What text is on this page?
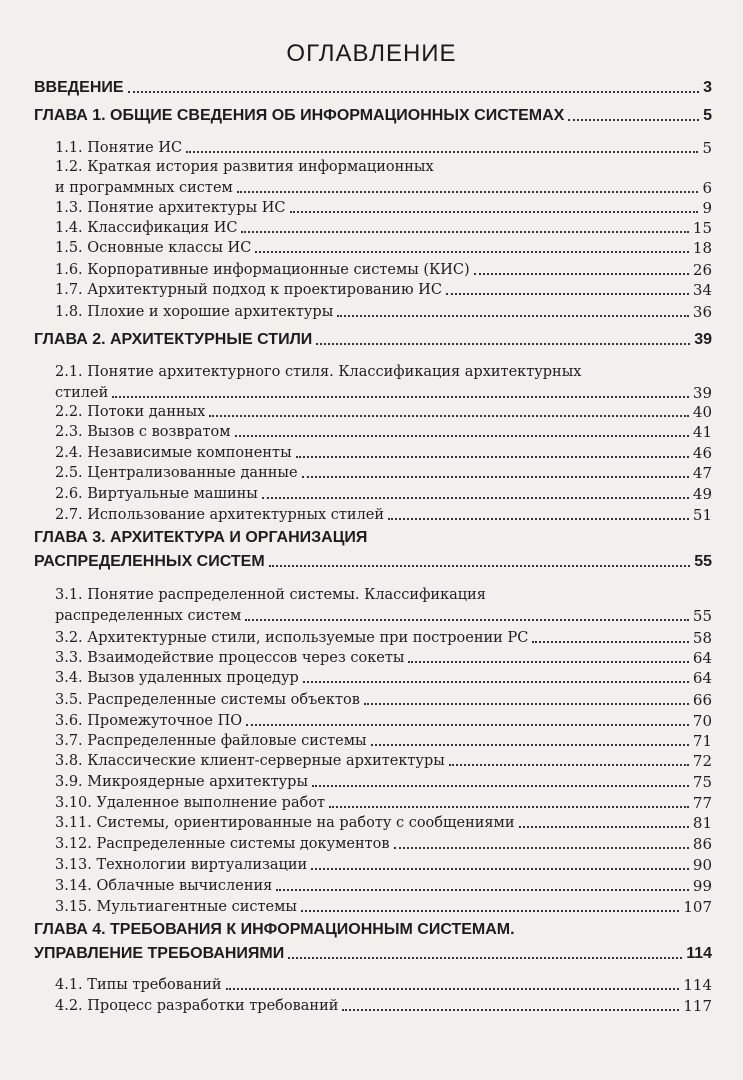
ОГЛАВЛЕНИЕ
ВВЕДЕНИЕ	3
ГЛАВА 1. ОБЩИЕ СВЕДЕНИЯ ОБ ИНФОРМАЦИОННЫХ СИСТЕМАХ	5
1.1. Понятие ИС	5
1.2. Краткая история развития информационных
и программных систем	6
1.3. Понятие архитектуры ИС	9
1.4. Классификация ИС	15
1.5. Основные классы ИС	18
1.6. Корпоративные информационные системы (КИС)	26
1.7. Архитектурный подход к проектированию ИС	34
1.8. Плохие и хорошие архитектуры	36
ГЛАВА 2. АРХИТЕКТУРНЫЕ СТИЛИ	39
2.1. Понятие архитектурного стиля. Классификация архитектурных
стилей	39
2.2. Потоки данных	40
2.3. Вызов с возвратом	41
2.4. Независимые компоненты	46
2.5. Централизованные данные	47
2.6. Виртуальные машины	49
2.7. Использование архитектурных стилей	51
ГЛАВА 3. АРХИТЕКТУРА И ОРГАНИЗАЦИЯ
РАСПРЕДЕЛЕННЫХ СИСТЕМ	55
3.1. Понятие распределенной системы. Классификация
распределенных систем	55
3.2. Архитектурные стили, используемые при построении РС	58
3.3. Взаимодействие процессов через сокеты	64
3.4. Вызов удаленных процедур	64
3.5. Распределенные системы объектов	66
3.6. Промежуточное ПО	70
3.7. Распределенные файловые системы	71
3.8. Классические клиент-серверные архитектуры	72
3.9. Микроядерные архитектуры	75
3.10. Удаленное выполнение работ	77
3.11. Системы, ориентированные на работу с сообщениями	81
3.12. Распределенные системы документов	86
3.13. Технологии виртуализации	90
3.14. Облачные вычисления	99
3.15. Мультиагентные системы	107
ГЛАВА 4. ТРЕБОВАНИЯ К ИНФОРМАЦИОННЫМ СИСТЕМАМ.
УПРАВЛЕНИЕ ТРЕБОВАНИЯМИ	114
4.1. Типы требований	114
4.2. Процесс разработки требований	117
